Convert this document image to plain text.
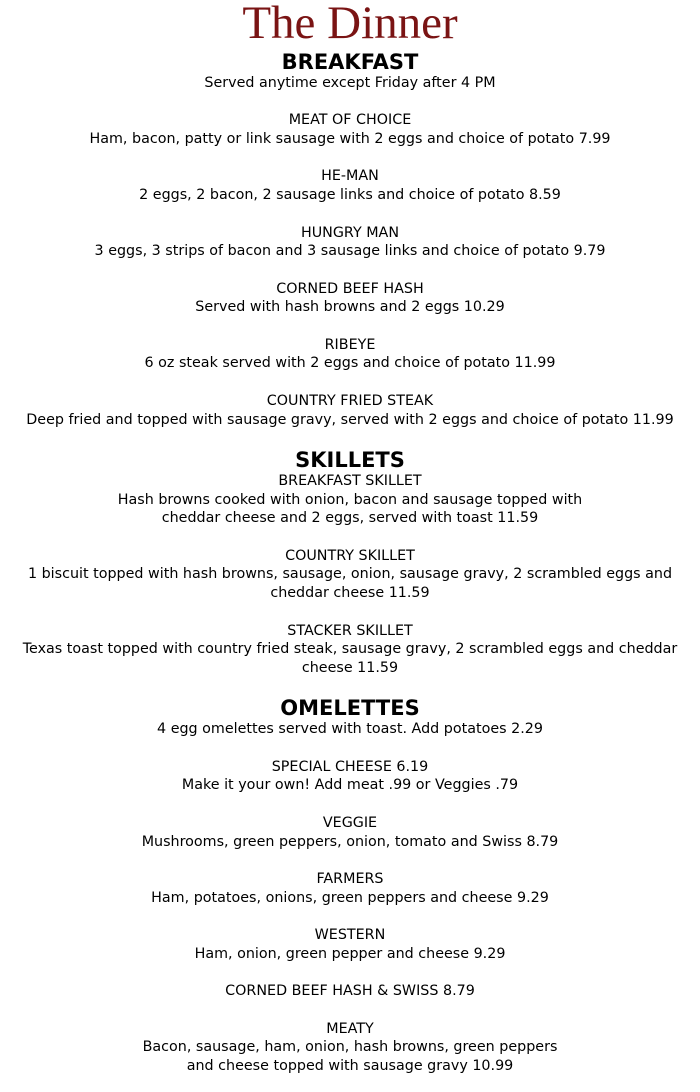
The Dinner
BREAKFAST
Served anytime except Friday after 4 PM
MEAT OF CHOICE
Ham, bacon, patty or link sausage with 2 eggs and choice of potato 7.99
HE-MAN
2 eggs, 2 bacon, 2 sausage links and choice of potato 8.59
HUNGRY MAN
3 eggs, 3 strips of bacon and 3 sausage links and choice of potato 9.79
CORNED BEEF HASH
Served with hash browns and 2 eggs 10.29
RIBEYE
6 oz steak served with 2 eggs and choice of potato 11.99
COUNTRY FRIED STEAK
Deep fried and topped with sausage gravy, served with 2 eggs and choice of potato 11.99
SKILLETS
BREAKFAST SKILLET
Hash browns cooked with onion, bacon and sausage topped with
cheddar cheese and 2 eggs, served with toast 11.59
COUNTRY SKILLET
1 biscuit topped with hash browns, sausage, onion, sausage gravy, 2 scrambled eggs and
cheddar cheese 11.59
STACKER SKILLET
Texas toast topped with country fried steak, sausage gravy, 2 scrambled eggs and cheddar
cheese 11.59
OMELETTES
4 egg omelettes served with toast. Add potatoes 2.29
SPECIAL CHEESE 6.19
Make it your own! Add meat .99 or Veggies .79
VEGGIE
Mushrooms, green peppers, onion, tomato and Swiss 8.79
FARMERS
Ham, potatoes, onions, green peppers and cheese 9.29
WESTERN
Ham, onion, green pepper and cheese 9.29
CORNED BEEF HASH & SWISS 8.79
MEATY
Bacon, sausage, ham, onion, hash browns, green peppers
and cheese topped with sausage gravy 10.99
